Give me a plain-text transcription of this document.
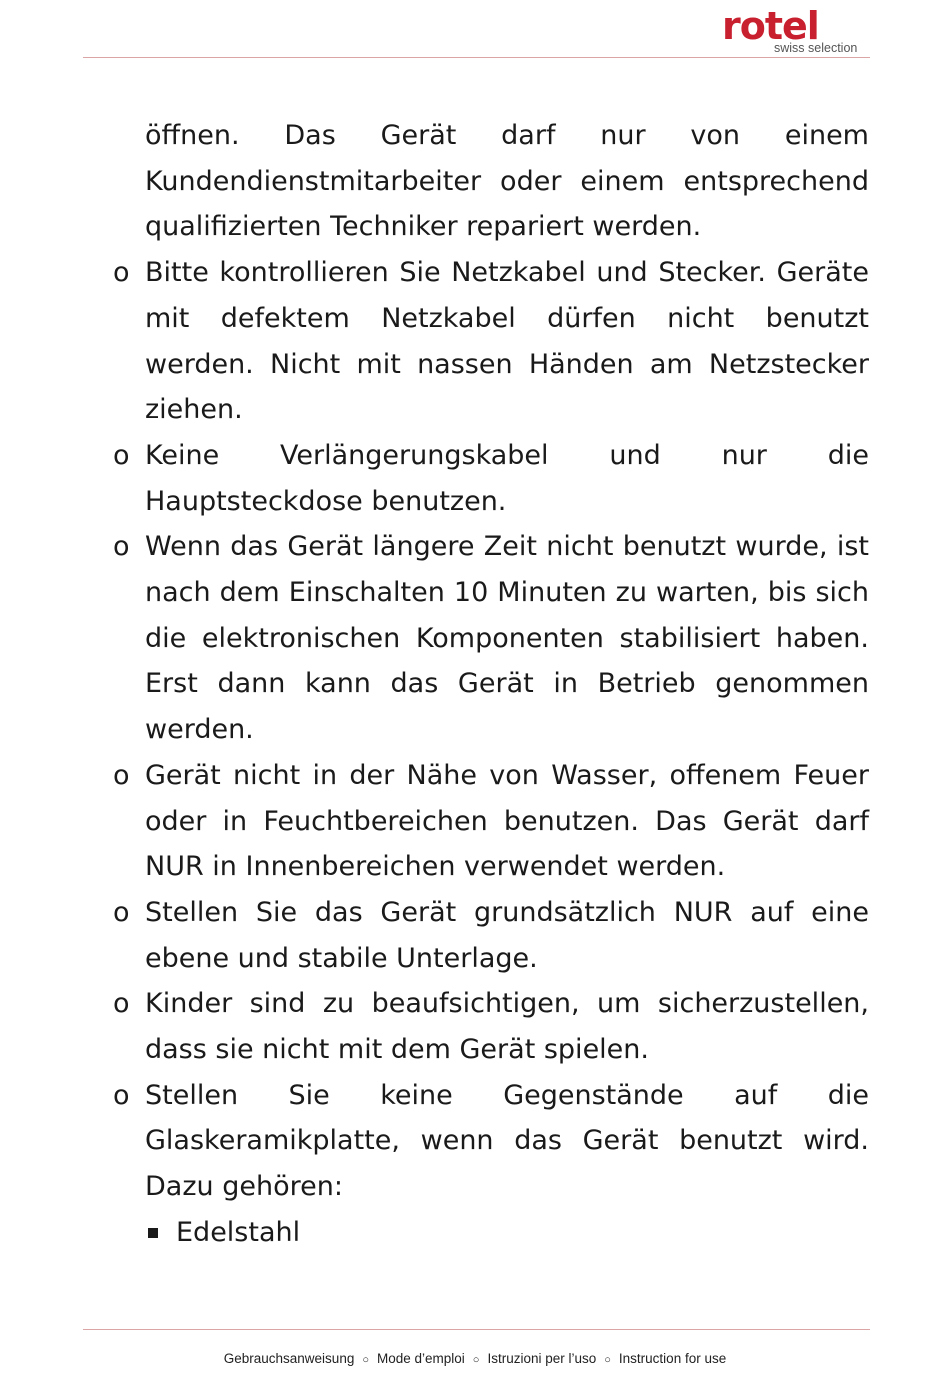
rotel
swiss selection

öffnen. Das Gerät darf nur von einem Kundendienstmitarbeiter oder einem entsprechend qualifizierten Techniker repariert werden.

o Bitte kontrollieren Sie Netzkabel und Stecker. Geräte mit defektem Netzkabel dürfen nicht benutzt werden. Nicht mit nassen Händen am Netzstecker ziehen.

o Keine Verlängerungskabel und nur die Hauptsteckdose benutzen.

o Wenn das Gerät längere Zeit nicht benutzt wurde, ist nach dem Einschalten 10 Minuten zu warten, bis sich die elektronischen Komponenten stabilisiert haben. Erst dann kann das Gerät in Betrieb genommen werden.

o Gerät nicht in der Nähe von Wasser, offenem Feuer oder in Feuchtbereichen benutzen. Das Gerät darf NUR in Innenbereichen verwendet werden.

o Stellen Sie das Gerät grundsätzlich NUR auf eine ebene und stabile Unterlage.

o Kinder sind zu beaufsichtigen, um sicherzustellen, dass sie nicht mit dem Gerät spielen.

o Stellen Sie keine Gegenstände auf die Glaskeramikplatte, wenn das Gerät benutzt wird. Dazu gehören:

Edelstahl
Gebrauchsanweisung ○ Mode d’emploi ○ Istruzioni per l’uso ○ Instruction for use
